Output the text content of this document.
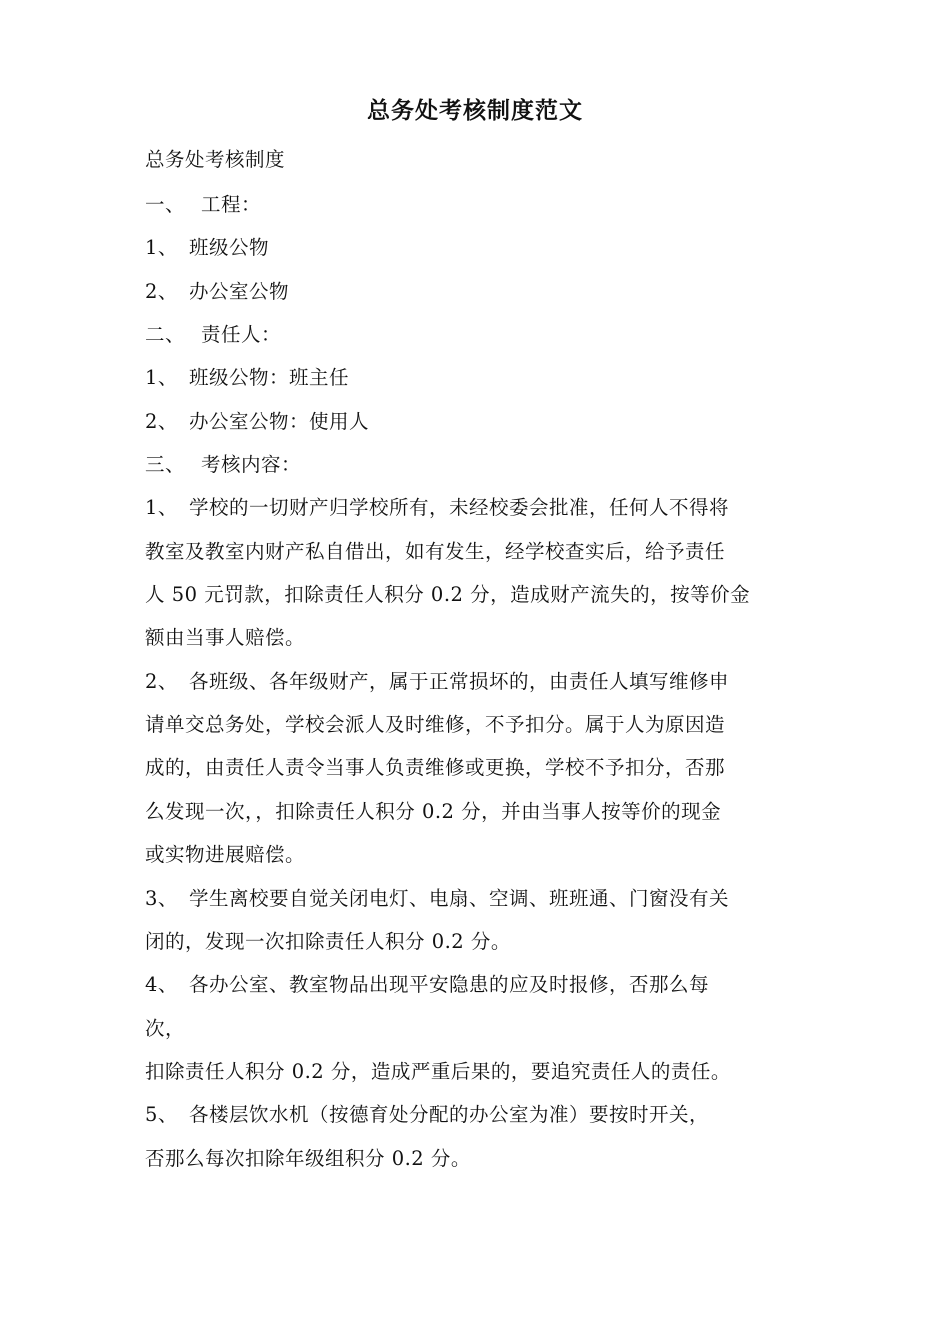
总务处考核制度范文
总务处考核制度
一、 工程：
1、 班级公物
2、 办公室公物
二、 责任人：
1、 班级公物：班主任
2、 办公室公物：使用人
三、 考核内容：
1、 学校的一切财产归学校所有，未经校委会批准，任何人不得将
教室及教室内财产私自借出，如有发生，经学校查实后，给予责任
人 50 元罚款，扣除责任人积分 0.2 分，造成财产流失的，按等价金
额由当事人赔偿。
2、 各班级、各年级财产，属于正常损坏的，由责任人填写维修申
请单交总务处，学校会派人及时维修，不予扣分。属于人为原因造
成的，由责任人责令当事人负责维修或更换，学校不予扣分，否那
么发现一次，，扣除责任人积分 0.2 分，并由当事人按等价的现金
或实物进展赔偿。
3、 学生离校要自觉关闭电灯、电扇、空调、班班通、门窗没有关
闭的，发现一次扣除责任人积分 0.2 分。
4、 各办公室、教室物品出现平安隐患的应及时报修，否那么每
次，
扣除责任人积分 0.2 分，造成严重后果的，要追究责任人的责任。
5、 各楼层饮水机（按德育处分配的办公室为准）要按时开关，
否那么每次扣除年级组积分 0.2 分。
